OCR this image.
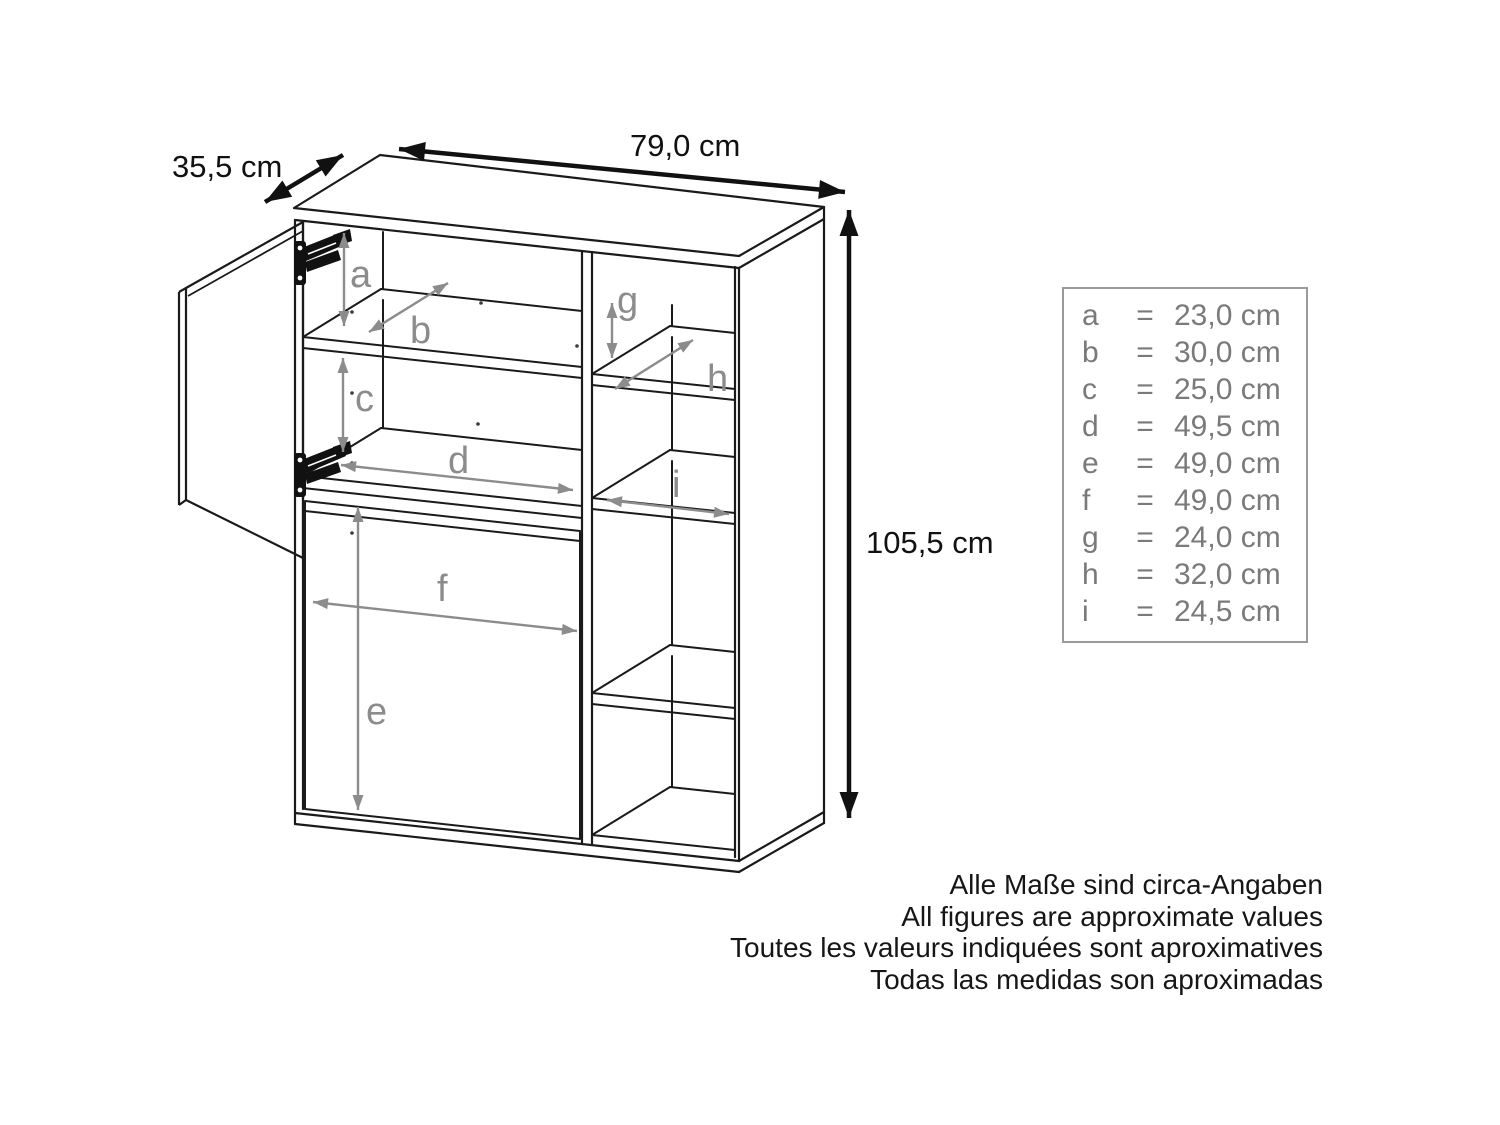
a
b
c
d
e
f
g
h
i
35,5 cm
79,0 cm
105,5 cm
a	= 23,0 cm
b	= 30,0 cm
c	= 25,0 cm
d	= 49,5 cm
e	= 49,0 cm
f	= 49,0 cm
g	= 24,0 cm
h	= 32,0 cm
i	= 24,5 cm
Alle Maße sind circa-Angaben
All figures are approximate values
Toutes les valeurs indiquées sont aproximatives
Todas las medidas son aproximadas
